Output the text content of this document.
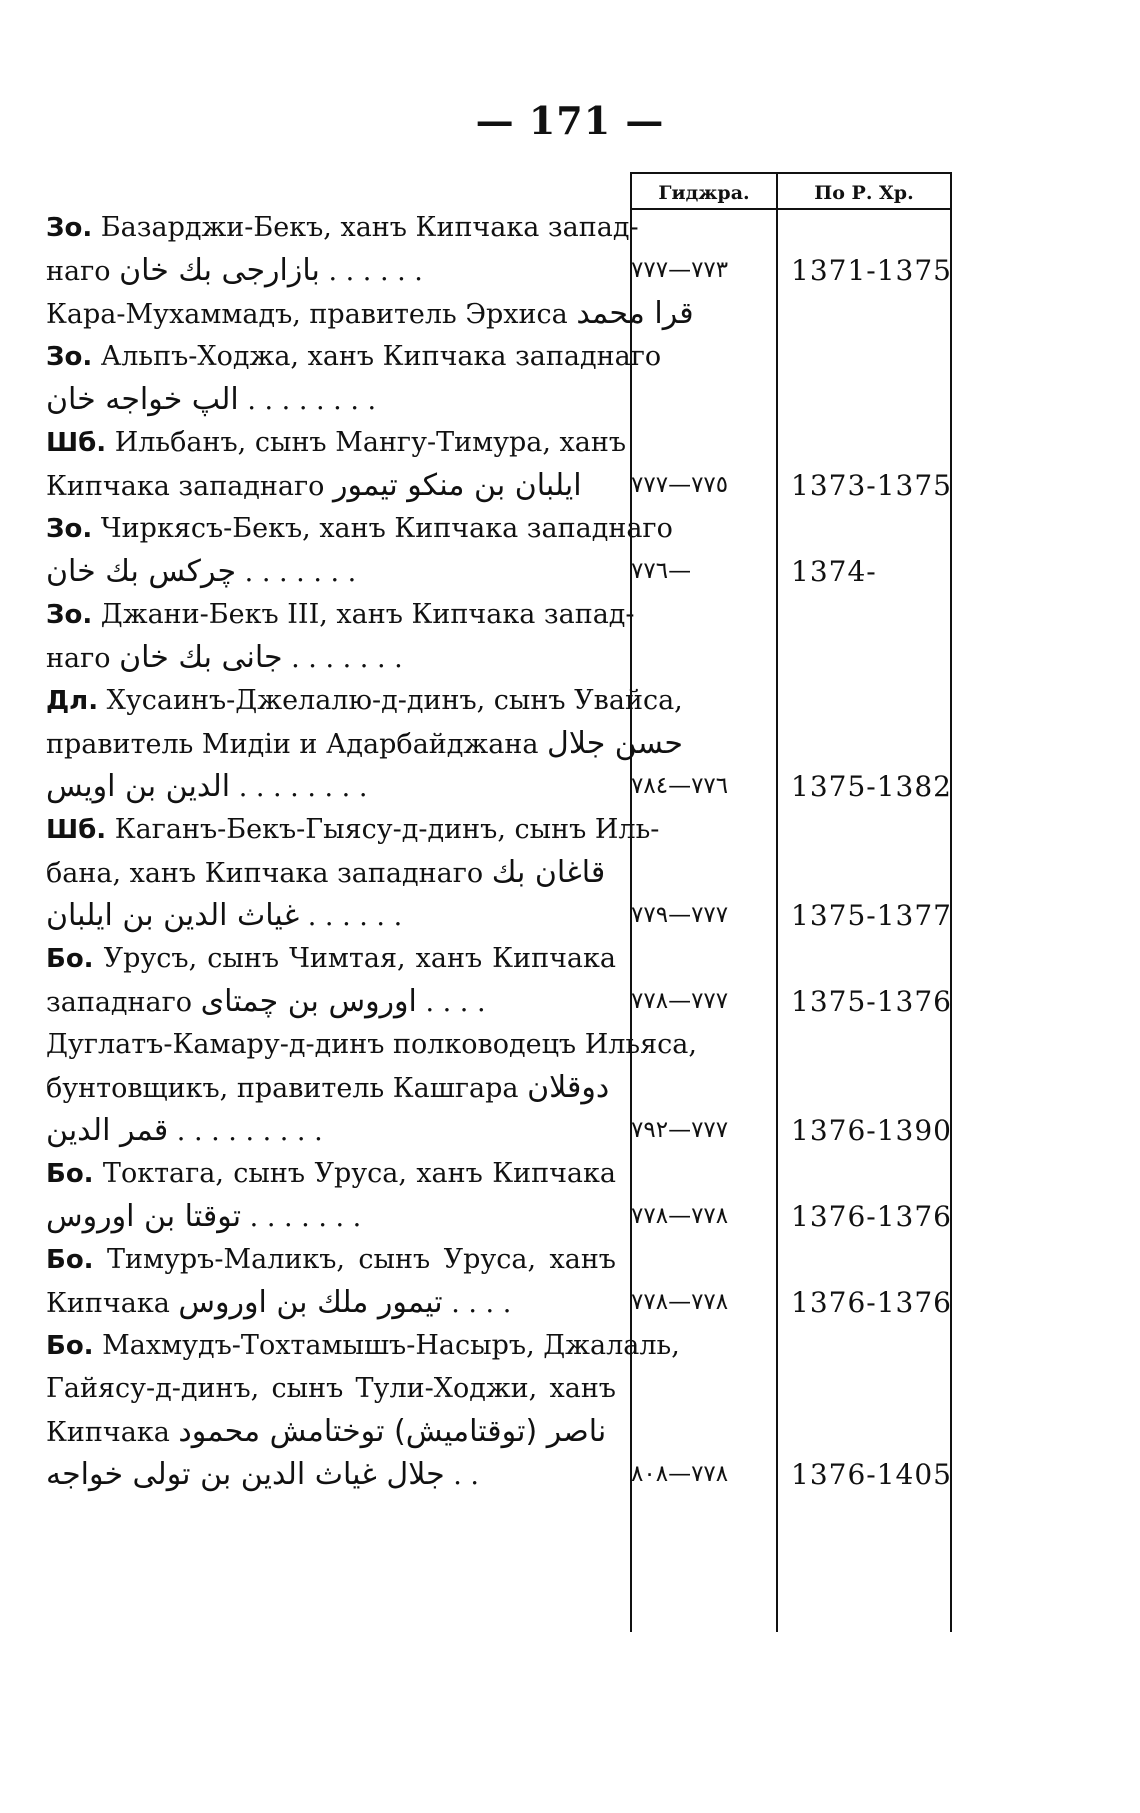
— 171 —
Гиджра.	По Р. Хр.
Зо. Базарджи-Бекъ, ханъ Кипчака запад-
наго بازارجی بك خان . . . . . .	٧٧٣—٧٧٧	1371-1375
Кара-Мухаммадъ, правитель Эрхиса قرا محمد
Зо. Альпъ-Ходжа, ханъ Кипчака западнаго
الپ خواجه خان . . . . . . . .
Шб. Ильбанъ, сынъ Мангу-Тимура, ханъ
Кипчака западнаго ایلبان بن منکو تیمور ٧٧٥—٧٧٧	1373-1375
Зо. Чиркясъ-Бекъ, ханъ Кипчака западнаго
چرکس بك خان . . . . . . .	٧٧٦—	1374-
Зо. Джани-Бекъ III, ханъ Кипчака запад-
наго جانی بك خان . . . . . . .
Дл. Хусаинъ-Джелалю-д-динъ, сынъ Увайса,
правитель Мидіи и Адарбайджана حسن جلال
الدین بن اویس . . . . . . . .	٧٧٦—٧٨٤	1375-1382
Шб. Каганъ-Бекъ-Гыясу-д-динъ, сынъ Иль-
бана, ханъ Кипчака западнаго قاغان بك
غیاث الدین بن ایلبان . . . . . .	٧٧٧—٧٧٩	1375-1377
Бо. Урусъ, сынъ Чимтая, ханъ Кипчака
западнаго اوروس بن چمتای . . . .	٧٧٧—٧٧٨	1375-1376
Дуглатъ-Камару-д-динъ полководецъ Ильяса,
бунтовщикъ, правитель Кашгара دوقلان
قمر الدین . . . . . . . . .	٧٧٧—٧٩٢	1376-1390
Бо. Токтага, сынъ Уруса, ханъ Кипчака
توقتا بن اوروس . . . . . . .	٧٧٨—٧٧٨	1376-1376
Бо. Тимуръ-Маликъ, сынъ Уруса, ханъ
Кипчака تیمور ملك بن اوروس . . . .	٧٧٨—٧٧٨	1376-1376
Бо. Махмудъ-Тохтамышъ-Насыръ, Джалаль,
Гайясу-д-динъ, сынъ Тули-Ходжи, ханъ
Кипчака ناصر (توقتامیش) توختامش محمود
جلال غیاث الدین بن تولی خواجه . .	٧٧٨—٨٠٨	1376-1405
